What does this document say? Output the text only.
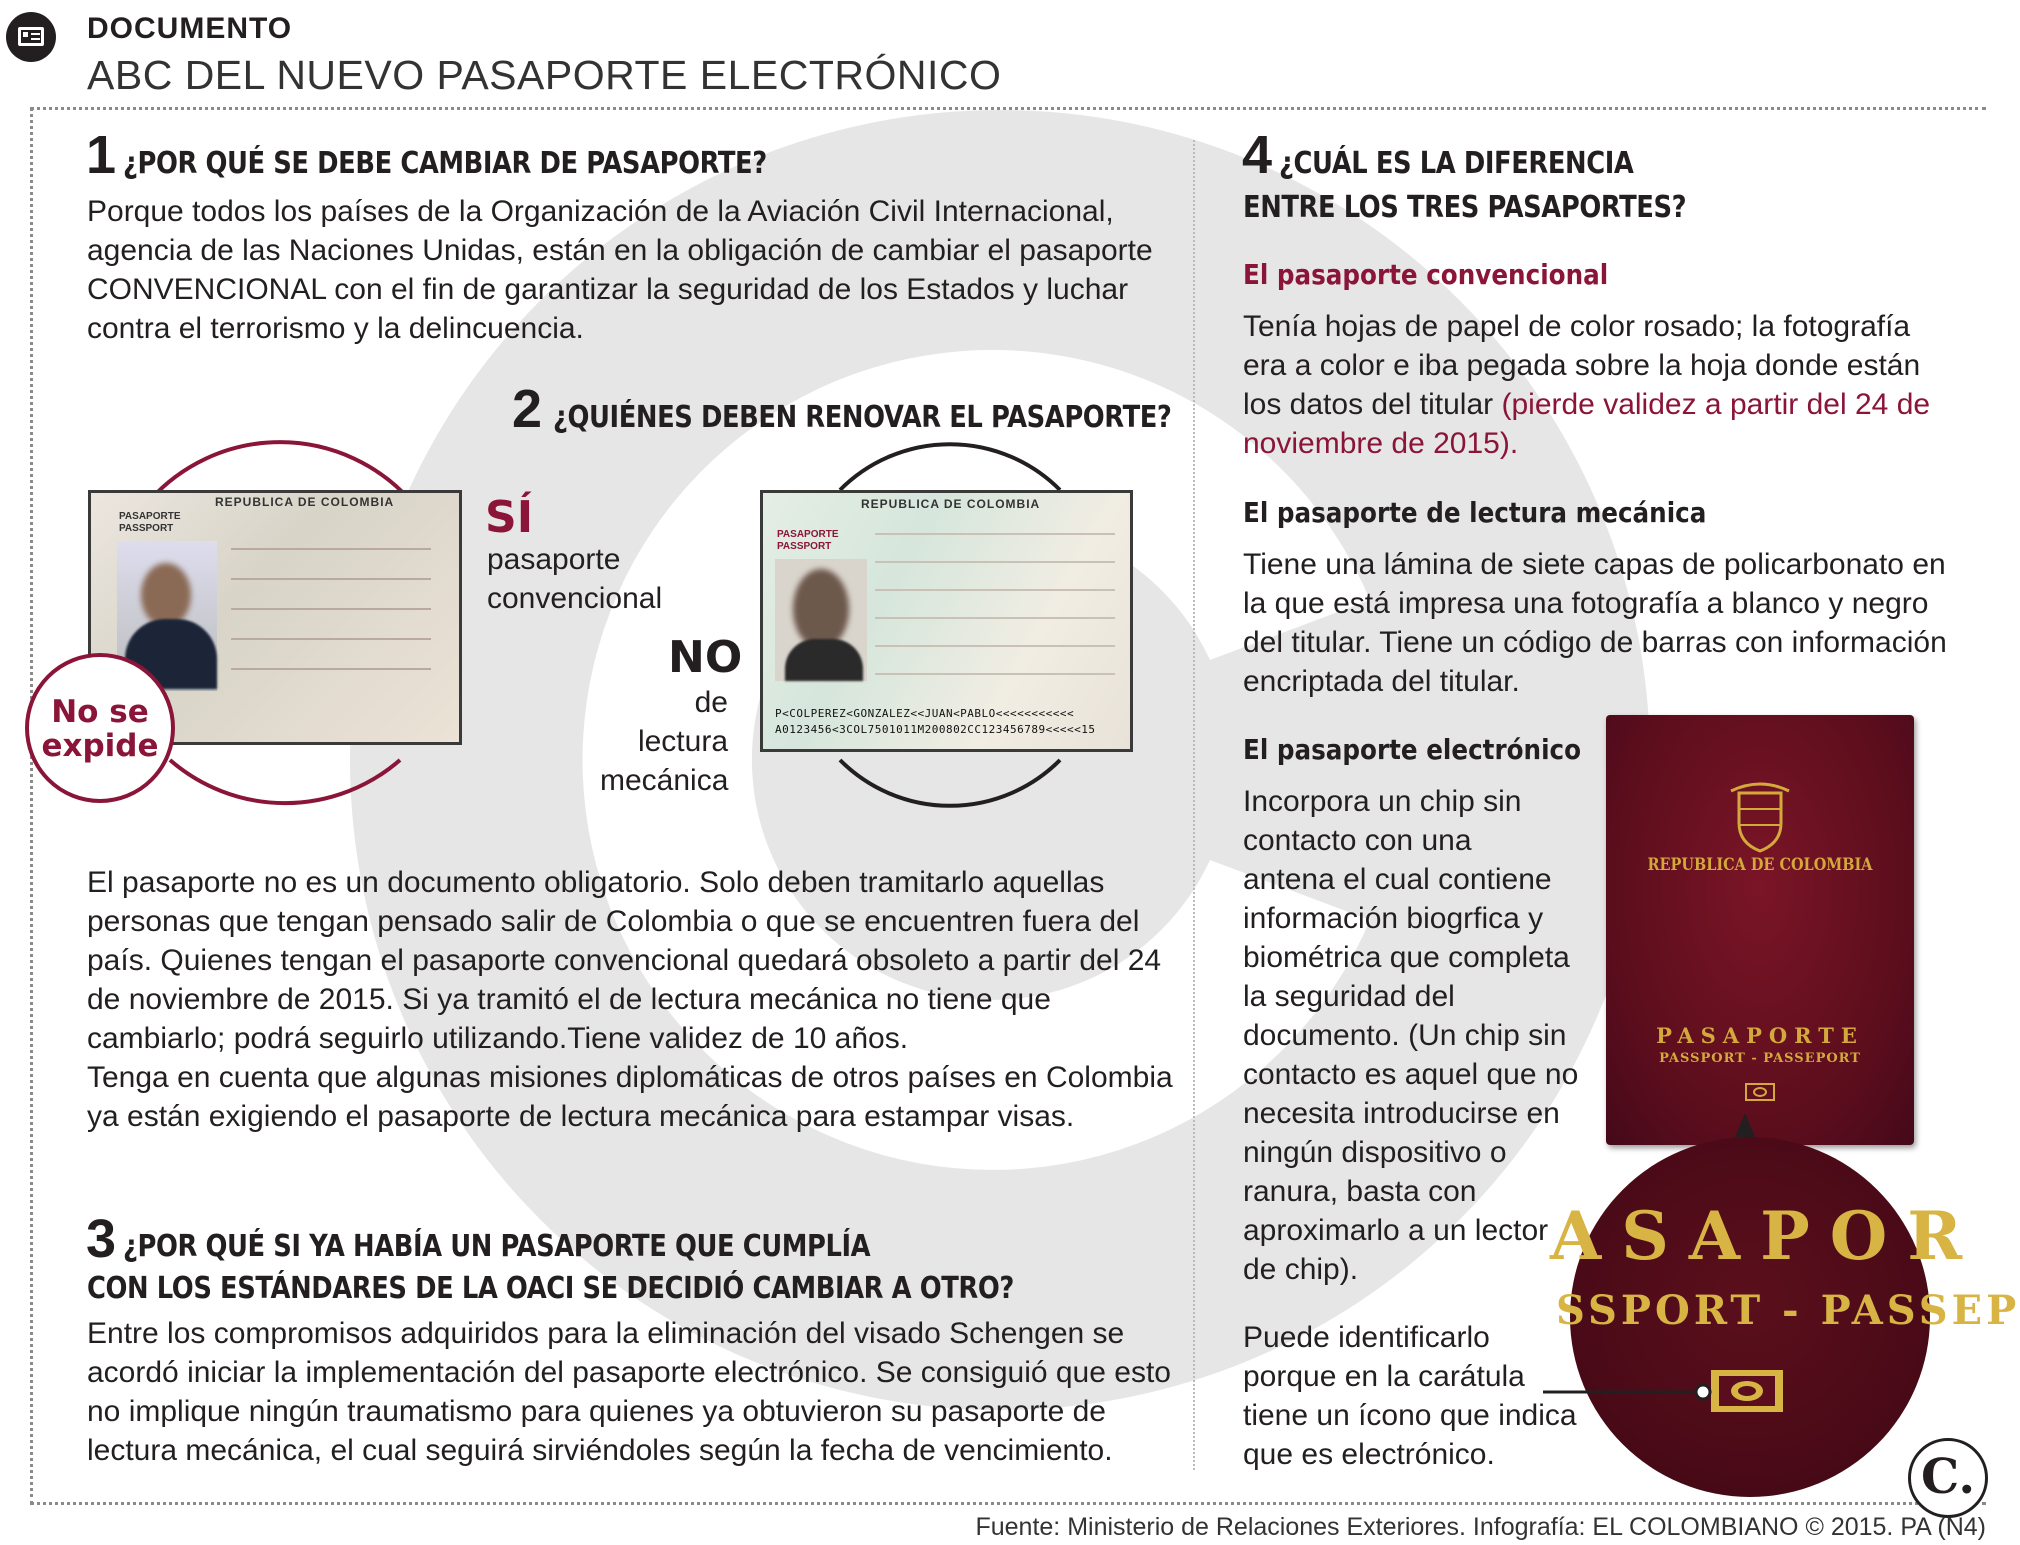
DOCUMENTO
ABC DEL NUEVO PASAPORTE ELECTRÓNICO
1 ¿POR QUÉ SE DEBE CAMBIAR DE PASAPORTE?
Porque todos los países de la Organización de la Aviación Civil Internacional,
agencia de las Naciones Unidas, están en la obligación de cambiar el pasaporte
CONVENCIONAL con el fin de garantizar la seguridad de los Estados y luchar
contra el terrorismo y la delincuencia.
2 ¿QUIÉNES DEBEN RENOVAR EL PASAPORTE?
REPUBLICA DE COLOMBIA
PASAPORTE
PASSPORT
No se
expide
SÍ
pasaporte
convencional
NO
de lectura
mecánica
REPUBLICA DE COLOMBIA
PASAPORTE
PASSPORT
P<COLPEREZ<GONZALEZ<<JUAN<PABLO<<<<<<<<<<<
A0123456<3COL7501011M200802CC123456789<<<<<15
El pasaporte no es un documento obligatorio. Solo deben tramitarlo aquellas
personas que tengan pensado salir de Colombia o que se encuentren fuera del
país. Quienes tengan el pasaporte convencional quedará obsoleto a partir del 24
de noviembre de 2015. Si ya tramitó el de lectura mecánica no tiene que
cambiarlo; podrá seguirlo utilizando.Tiene validez de 10 años.
Tenga en cuenta que algunas misiones diplomáticas de otros países en Colombia
ya están exigiendo el pasaporte de lectura mecánica para estampar visas.
3 ¿POR QUÉ SI YA HABÍA UN PASAPORTE QUE CUMPLÍA
CON LOS ESTÁNDARES DE LA OACI SE DECIDIÓ CAMBIAR A OTRO?
Entre los compromisos adquiridos para la eliminación del visado Schengen se
acordó iniciar la implementación del pasaporte electrónico. Se consiguió que esto
no implique ningún traumatismo para quienes ya obtuvieron su pasaporte de
lectura mecánica, el cual seguirá sirviéndoles según la fecha de vencimiento.
4 ¿CUÁL ES LA DIFERENCIA
ENTRE LOS TRES PASAPORTES?
El pasaporte convencional
Tenía hojas de papel de color rosado; la fotografía
era a color e iba pegada sobre la hoja donde están
los datos del titular (pierde validez a partir del 24 de
noviembre de 2015).
El pasaporte de lectura mecánica
Tiene una lámina de siete capas de policarbonato en
la que está impresa una fotografía a blanco y negro
del titular. Tiene un código de barras con información
encriptada del titular.
El pasaporte electrónico
Incorpora un chip sin
contacto con una
antena el cual contiene
información biogrfica y
biométrica que completa
la seguridad del
documento. (Un chip sin
contacto es aquel que no
necesita introducirse en
ningún dispositivo o
ranura, basta con
aproximarlo a un lector
de chip).
Puede identificarlo
porque en la carátula
tiene un ícono que indica
que es electrónico.
REPUBLICA DE COLOMBIA
PASAPORTE
PASSPORT - PASSEPORT
ASAPOR
SSPORT - PASSEP
C.
Fuente: Ministerio de Relaciones Exteriores. Infografía: EL COLOMBIANO © 2015. PA (N4)
